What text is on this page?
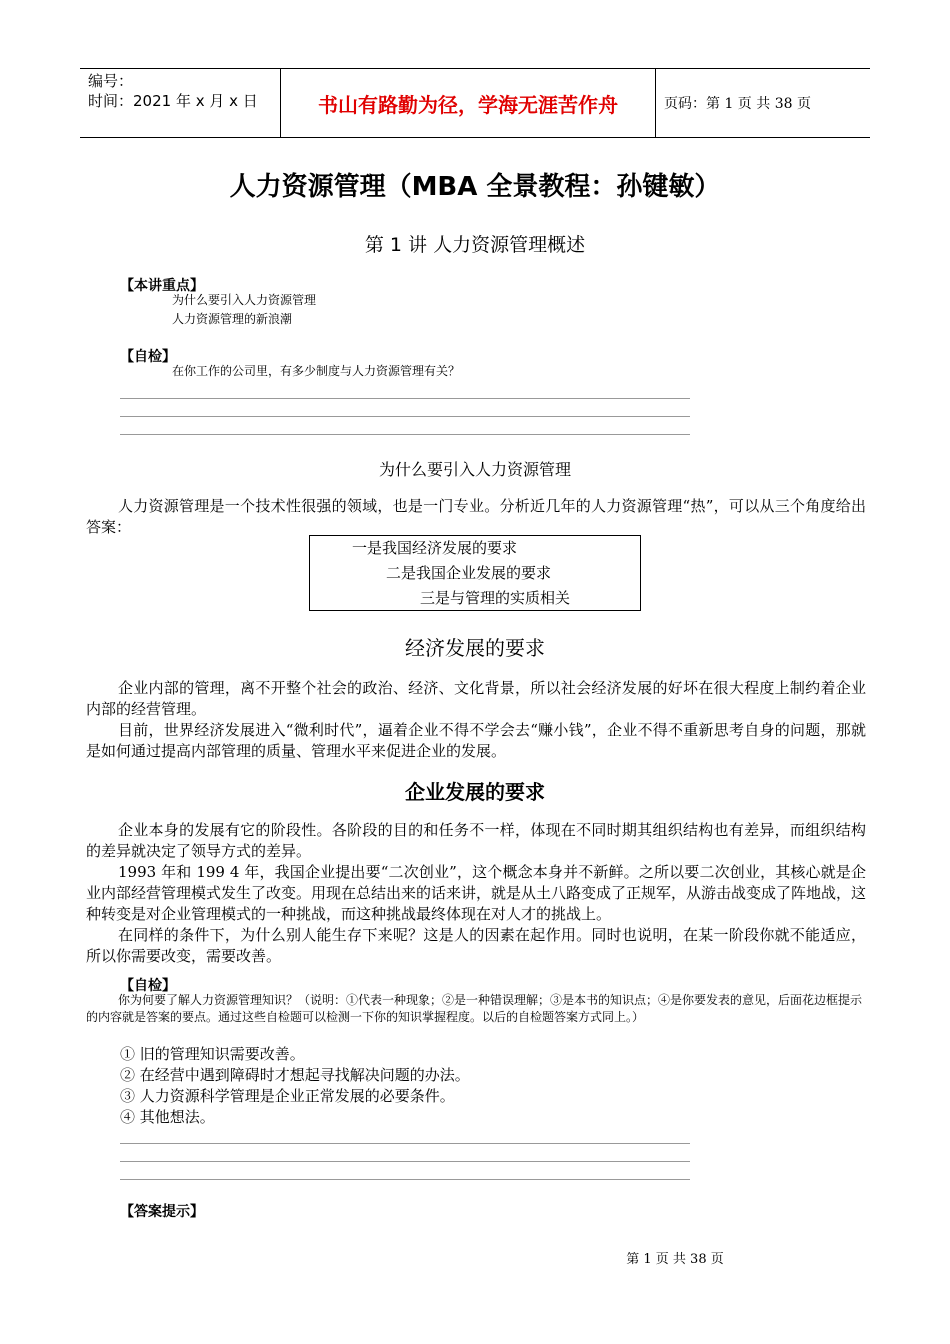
编号：
时间：2021 年 x 月 x 日	书山有路勤为径，学海无涯苦作舟	页码：第 1 页 共 38 页
人力资源管理（MBA 全景教程：孙键敏）
第 1 讲 人力资源管理概述
【本讲重点】
为什么要引入人力资源管理
人力资源管理的新浪潮
【自检】
在你工作的公司里，有多少制度与人力资源管理有关？
为什么要引入人力资源管理
人力资源管理是一个技术性很强的领域，也是一门专业。分析近几年的人力资源管理“热”，可以从三个角度给出答案：
一是我国经济发展的要求
二是我国企业发展的要求
三是与管理的实质相关
经济发展的要求
企业内部的管理，离不开整个社会的政治、经济、文化背景，所以社会经济发展的好坏在很大程度上制约着企业内部的经营管理。
目前，世界经济发展进入“微利时代”，逼着企业不得不学会去“赚小钱”，企业不得不重新思考自身的问题，那就是如何通过提高内部管理的质量、管理水平来促进企业的发展。
企业发展的要求
企业本身的发展有它的阶段性。各阶段的目的和任务不一样，体现在不同时期其组织结构也有差异，而组织结构的差异就决定了领导方式的差异。
1993 年和 199 4 年，我国企业提出要“二次创业”，这个概念本身并不新鲜。之所以要二次创业，其核心就是企业内部经营管理模式发生了改变。用现在总结出来的话来讲，就是从土八路变成了正规军，从游击战变成了阵地战，这种转变是对企业管理模式的一种挑战，而这种挑战最终体现在对人才的挑战上。
在同样的条件下，为什么别人能生存下来呢？这是人的因素在起作用。同时也说明，在某一阶段你就不能适应，所以你需要改变，需要改善。
【自检】
你为何要了解人力资源管理知识？（说明：①代表一种现象；②是一种错误理解；③是本书的知识点；④是你要发表的意见，后面花边框提示的内容就是答案的要点。通过这些自检题可以检测一下你的知识掌握程度。以后的自检题答案方式同上。）
① 旧的管理知识需要改善。
② 在经营中遇到障碍时才想起寻找解决问题的办法。
③ 人力资源科学管理是企业正常发展的必要条件。
④ 其他想法。
【答案提示】
第 1 页 共 38 页
